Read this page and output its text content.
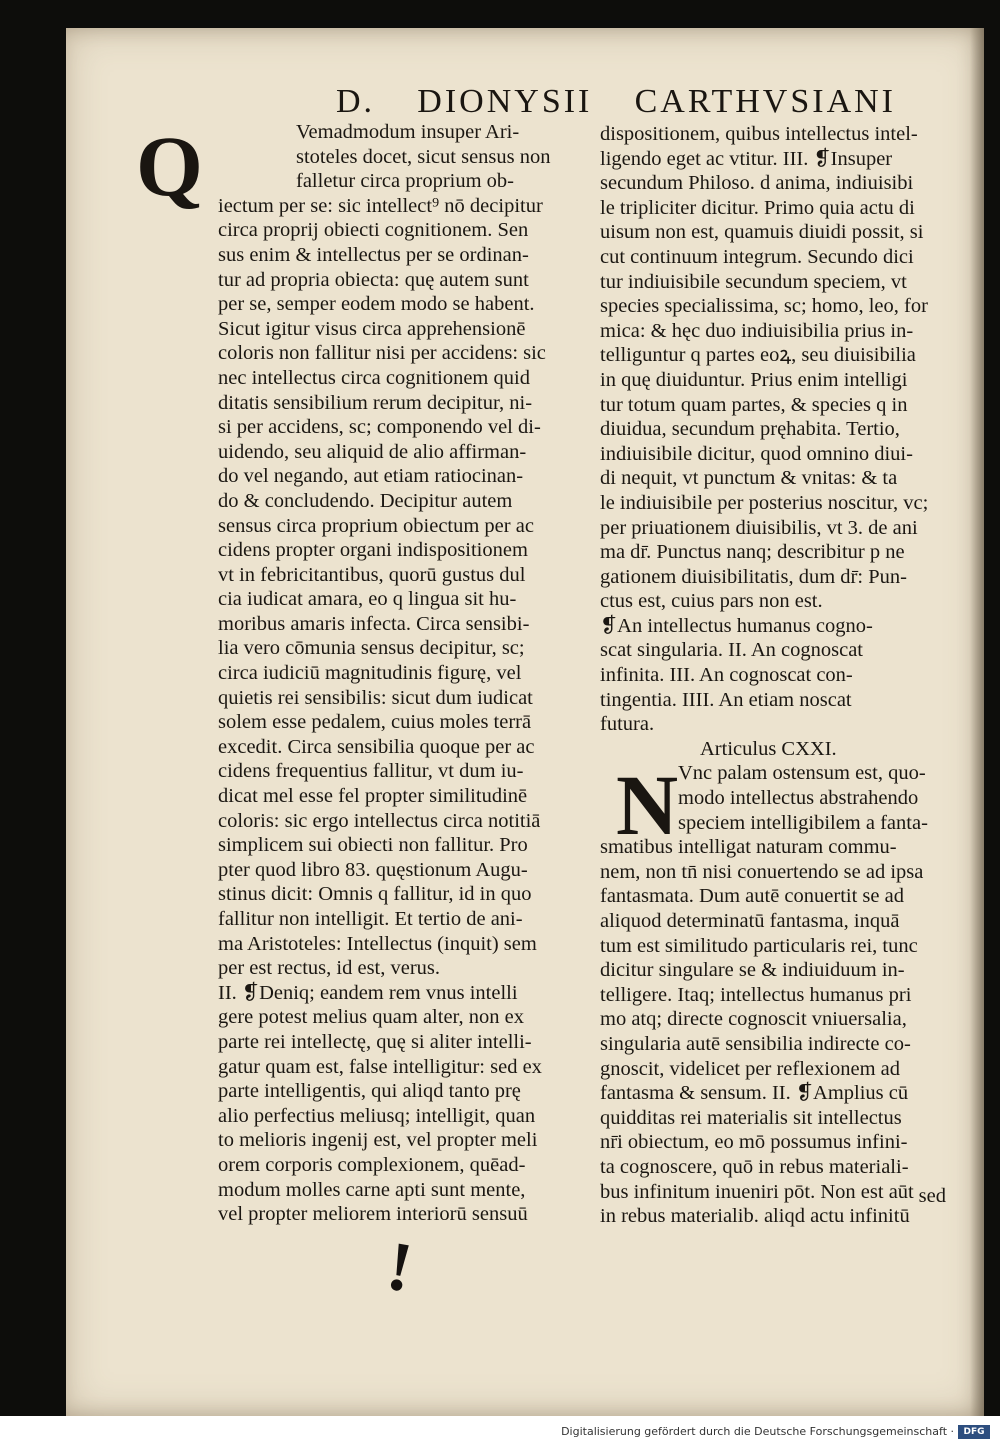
D. DIONYSII CARTHVSIANI
Vemadmodum insuper Ari-
stoteles docet, sicut sensus non
falletur circa proprium ob-
iectum per se: sic intellect⁹ nō decipitur
circa proprij obiecti cognitionem. Sen
sus enim & intellectus per se ordinan-
tur ad propria obiecta: quę autem sunt
per se, semper eodem modo se habent.
Sicut igitur visus circa apprehensionē
coloris non fallitur nisi per accidens: sic
nec intellectus circa cognitionem quid
ditatis sensibilium rerum decipitur, ni-
si per accidens, sc; componendo vel di-
uidendo, seu aliquid de alio affirman-
do vel negando, aut etiam ratiocinan-
do & concludendo. Decipitur autem
sensus circa proprium obiectum per ac
cidens propter organi indispositionem
vt in febricitantibus, quorū gustus dul
cia iudicat amara, eo q lingua sit hu-
moribus amaris infecta. Circa sensibi-
lia vero cōmunia sensus decipitur, sc;
circa iudiciū magnitudinis figurę, vel
quietis rei sensibilis: sicut dum iudicat
solem esse pedalem, cuius moles terrā
excedit. Circa sensibilia quoque per ac
cidens frequentius fallitur, vt dum iu-
dicat mel esse fel propter similitudinē
coloris: sic ergo intellectus circa notitiā
simplicem sui obiecti non fallitur. Pro
pter quod libro 83. quęstionum Augu-
stinus dicit: Omnis q fallitur, id in quo
fallitur non intelligit. Et tertio de ani-
ma Aristoteles: Intellectus (inquit) sem
per est rectus, id est, verus.
II. ❡Deniq; eandem rem vnus intelli
gere potest melius quam alter, non ex
parte rei intellectę, quę si aliter intelli-
gatur quam est, false intelligitur: sed ex
parte intelligentis, qui aliqd tanto prę
alio perfectius meliusq; intelligit, quan
to melioris ingenij est, vel propter meli
orem corporis complexionem, quēad-
modum molles carne apti sunt mente,
vel propter meliorem interiorū sensuū
Q	dispositionem, quibus intellectus intel-
ligendo eget ac vtitur. III. ❡Insuper
secundum Philoso. d anima, indiuisibi
le tripliciter dicitur. Primo quia actu di
uisum non est, quamuis diuidi possit, si
cut continuum integrum. Secundo dici
tur indiuisibile secundum speciem, vt
species specialissima, sc; homo, leo, for
mica: & hęc duo indiuisibilia prius in-
telliguntur q partes eoꝝ, seu diuisibilia
in quę diuiduntur. Prius enim intelligi
tur totum quam partes, & species q in
diuidua, secundum pręhabita. Tertio,
indiuisibile dicitur, quod omnino diui-
di nequit, vt punctum & vnitas: & ta
le indiuisibile per posterius noscitur, vc;
per priuationem diuisibilis, vt 3. de ani
ma dr̄. Punctus nanq; describitur p ne
gationem diuisibilitatis, dum dr̄: Pun-
ctus est, cuius pars non est.
❡An intellectus humanus cogno-
scat singularia. II. An cognoscat
infinita. III. An cognoscat con-
tingentia. IIII. An etiam noscat
futura.
Articulus CXXI.
Vnc palam ostensum est, quo-
modo intellectus abstrahendo
speciem intelligibilem a fanta-
smatibus intelligat naturam commu-
nem, non tn̄ nisi conuertendo se ad ipsa
fantasmata. Dum autē conuertit se ad
aliquod determinatū fantasma, inquā
tum est similitudo particularis rei, tunc
dicitur singulare se & indiuiduum in-
telligere. Itaq; intellectus humanus pri
mo atq; directe cognoscit vniuersalia,
singularia autē sensibilia indirecte co-
gnoscit, videlicet per reflexionem ad
fantasma & sensum. II. ❡Amplius cū
quidditas rei materialis sit intellectus
nr̄i obiectum, eo mō possumus infini-
ta cognoscere, quō in rebus materiali-
bus infinitum inueniri pōt. Non est aūt
in rebus materialib. aliqd actu infinitū
N
sed
!
Digitalisierung gefördert durch die Deutsche Forschungsgemeinschaft ·	DFG
